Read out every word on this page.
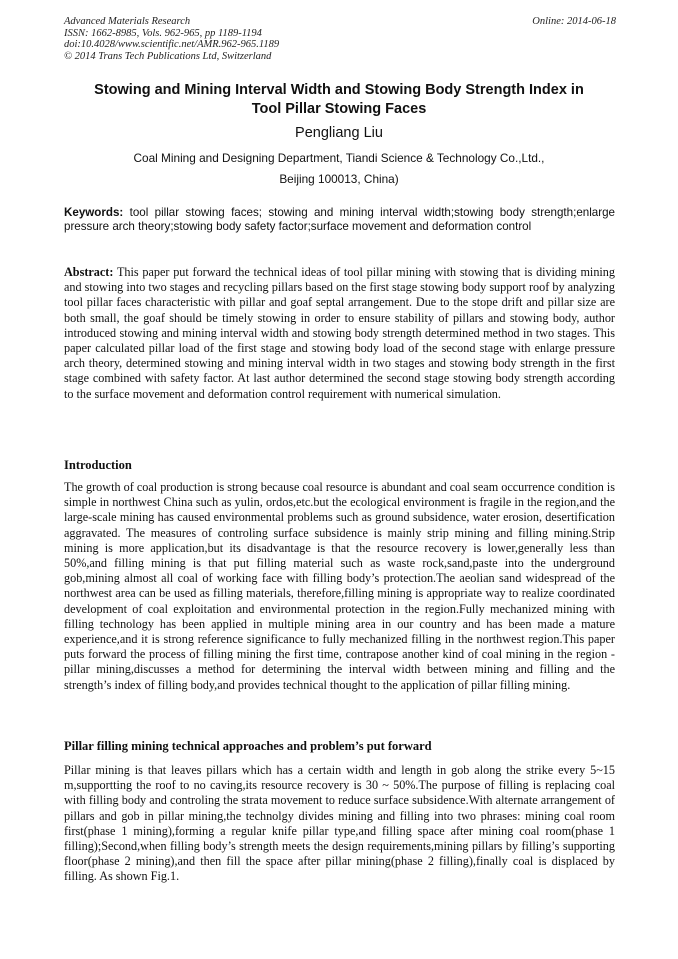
Advanced Materials Research
ISSN: 1662-8985, Vols. 962-965, pp 1189-1194
doi:10.4028/www.scientific.net/AMR.962-965.1189
© 2014 Trans Tech Publications Ltd, Switzerland
Online: 2014-06-18
Stowing and Mining Interval Width and Stowing Body Strength Index in
Tool Pillar Stowing Faces
Pengliang Liu
Coal Mining and Designing Department, Tiandi Science & Technology Co.,Ltd.,
Beijing 100013, China)
Keywords: tool pillar stowing faces; stowing and mining interval width;stowing body strength;enlarge pressure arch theory;stowing body safety factor;surface movement and deformation control
Abstract: This paper put forward the technical ideas of tool pillar mining with stowing that is dividing mining and stowing into two stages and recycling pillars based on the first stage stowing body support roof by analyzing tool pillar faces characteristic with pillar and goaf septal arrangement. Due to the stope drift and pillar size are both small, the goaf should be timely stowing in order to ensure stability of pillars and stowing body, author introduced stowing and mining interval width and stowing body strength determined method in two stages. This paper calculated pillar load of the first stage and stowing body load of the second stage with enlarge pressure arch theory, determined stowing and mining interval width in two stages and stowing body strength in the first stage combined with safety factor. At last author determined the second stage stowing body strength according to the surface movement and deformation control requirement with numerical simulation.
Introduction
The growth of coal production is strong because coal resource is abundant and coal seam occurrence condition is simple in northwest China such as yulin, ordos,etc.but the ecological environment is fragile in the region,and the large-scale mining has caused environmental problems such as ground subsidence, water erosion, desertification aggravated. The measures of controling surface subsidence is mainly strip mining and filling mining.Strip mining is more application,but its disadvantage is that the resource recovery is lower,generally less than 50%,and filling mining is that put filling material such as waste rock,sand,paste into the underground gob,mining almost all coal of working face with filling body’s protection.The aeolian sand widespread of the northwest area can be used as filling materials, therefore,filling mining is appropriate way to realize coordinated development of coal exploitation and environmental protection in the region.Fully mechanized mining with filling technology has been applied in multiple mining area in our country and has been made a mature experience,and it is strong reference significance to fully mechanized filling in the northwest region.This paper puts forward the process of filling mining the first time, contrapose another kind of coal mining in the region -pillar mining,discusses a method for determining the interval width between mining and filling and the strength’s index of filling body,and provides technical thought to the application of pillar filling mining.
Pillar filling mining technical approaches and problem’s put forward
Pillar mining is that leaves pillars which has a certain width and length in gob along the strike every 5~15 m,supportting the roof to no caving,its resource recovery is 30 ~ 50%.The purpose of filling is replacing coal with filling body and controling the strata movement to reduce surface subsidence.With alternate arrangement of pillars and gob in pillar mining,the technolgy divides mining and filling into two phrases: mining coal room first(phase 1 mining),forming a regular knife pillar type,and filling space after mining coal room(phase 1 filling);Second,when filling body’s strength meets the design requirements,mining pillars by filling’s supporting floor(phase 2 mining),and then fill the space after pillar mining(phase 2 filling),finally coal is displaced by filling. As shown Fig.1.
